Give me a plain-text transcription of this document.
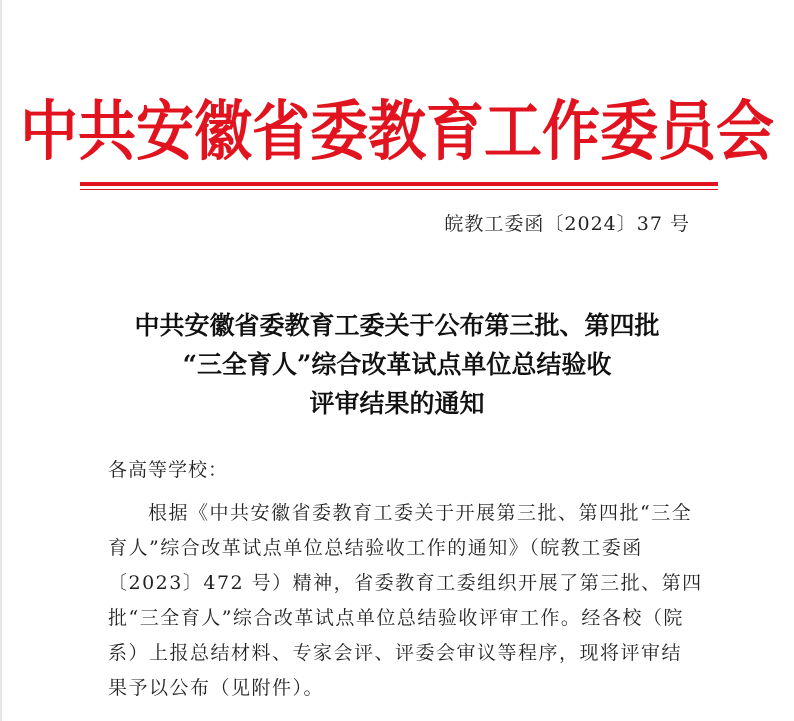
中共安徽省委教育工作委员会
皖教工委函〔2024〕37 号
中共安徽省委教育工委关于公布第三批、第四批
“三全育人”综合改革试点单位总结验收
评审结果的通知
各高等学校：
根据《中共安徽省委教育工委关于开展第三批、第四批“三全
育人”综合改革试点单位总结验收工作的通知》（皖教工委函
〔2023〕472 号）精神，省委教育工委组织开展了第三批、第四
批“三全育人”综合改革试点单位总结验收评审工作。经各校（院
系）上报总结材料、专家会评、评委会审议等程序，现将评审结
果予以公布（见附件）。
